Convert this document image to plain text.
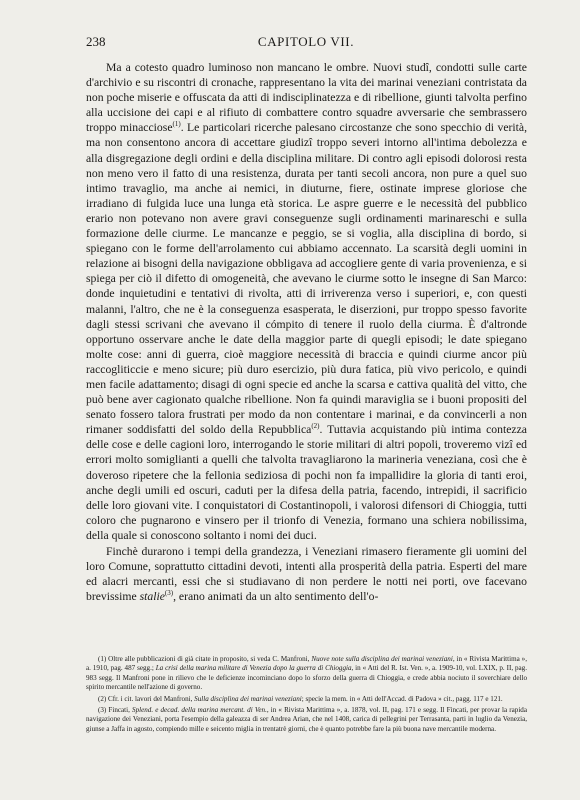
238	CAPITOLO VII.

Ma a cotesto quadro luminoso non mancano le ombre. Nuovi studî, condotti sulle carte d'archivio e su riscontri di cronache, rappresentano la vita dei marinai veneziani contristata da non poche miserie e offuscata da atti di indisciplinatezza e di ribellione, giunti talvolta perfino alla uccisione dei capi e al rifiuto di combattere contro squadre avversarie che sembrassero troppo minacciose$^{(1)}$. Le particolari ricerche palesano circostanze che sono specchio di verità, ma non consentono ancora di accettare giudizî troppo severi intorno all'intima debolezza e alla disgregazione degli ordini e della disciplina militare. Di contro agli episodi dolorosi resta non meno vero il fatto di una resistenza, durata per tanti secoli ancora, non pure a quel suo intimo travaglio, ma anche ai nemici, in diuturne, fiere, ostinate imprese gloriose che irradiano di fulgida luce una lunga età storica. Le aspre guerre e le necessità del pubblico erario non potevano non avere gravi conseguenze sugli ordinamenti marinareschi e sulla formazione delle ciurme. Le mancanze e peggio, se si voglia, alla disciplina di bordo, si spiegano con le forme dell'arrolamento cui abbiamo accennato. La scarsità degli uomini in relazione ai bisogni della navigazione obbligava ad accogliere gente di varia provenienza, e si spiega per ciò il difetto di omogeneità, che avevano le ciurme sotto le insegne di San Marco: donde inquietudini e tentativi di rivolta, atti di irriverenza verso i superiori, e, con questi malanni, l'altro, che ne è la conseguenza esasperata, le diserzioni, pur troppo spesso favorite dagli stessi scrivani che avevano il cómpito di tenere il ruolo della ciurma. È d'altronde opportuno osservare anche le date della maggior parte di quegli episodi; le date spiegano molte cose: anni di guerra, cioè maggiore necessità di braccia e quindi ciurme ancor più raccogliticcie e meno sicure; più duro esercizio, più dura fatica, più vivo pericolo, e quindi men facile adattamento; disagi di ogni specie ed anche la scarsa e cattiva qualità del vitto, che può bene aver cagionato qualche ribellione. Non fa quindi maraviglia se i buoni propositi del senato fossero talora frustrati per modo da non contentare i marinai, e da convincerli a non rimaner soddisfatti del soldo della Repubblica$^{(2)}$. Tuttavia acquistando più intima contezza delle cose e delle cagioni loro, interrogando le storie militari di altri popoli, troveremo vizî ed errori molto somiglianti a quelli che talvolta travagliarono la marineria veneziana, così che è doveroso ripetere che la fellonia sediziosa di pochi non fa impallidire la gloria di tanti eroi, anche degli umili ed oscuri, caduti per la difesa della patria, facendo, intrepidi, il sacrificio delle loro giovani vite. I conquistatori di Costantinopoli, i valorosi difensori di Chioggia, tutti coloro che pugnarono e vinsero per il trionfo di Venezia, formano una schiera nobilissima, della quale si conoscono soltanto i nomi dei duci.

Finchè durarono i tempi della grandezza, i Veneziani rimasero fieramente gli uomini del loro Comune, soprattutto cittadini devoti, intenti alla prosperità della patria. Esperti del mare ed alacri mercanti, essi che si studiavano di non perdere le notti nei porti, ove facevano brevissime stalie$^{(3)}$, erano animati da un alto sentimento dell'o-

(1) Oltre alle pubblicazioni di già citate in proposito, si veda C. Manfroni, Nuove note sulla disciplina dei marinai veneziani, in « Rivista Marittima », a. 1910, pag. 487 segg.; La crisi della marina militare di Venezia dopo la guerra di Chioggia, in « Atti del R. Ist. Ven. », a. 1909-10, vol. LXIX, p. II, pag. 983 segg. Il Manfroni pone in rilievo che le deficienze incominciano dopo lo sforzo della guerra di Chioggia, e crede abbia nociuto il soverchiare dello spirito mercantile nell'azione di governo.

(2) Cfr. i cit. lavori del Manfroni, Sulla disciplina dei marinai veneziani; specie la mem. in « Atti dell'Accad. di Padova » cit., pagg. 117 e 121.

(3) Fincati, Splend. e decad. della marina mercant. di Ven., in « Rivista Marittima », a. 1878, vol. II, pag. 171 e segg. Il Fincati, per provar la rapida navigazione dei Veneziani, porta l'esempio della galeazza di ser Andrea Arian, che nel 1408, carica di pellegrini per Terrasanta, parti in luglio da Venezia, giunse a Jaffa in agosto, compiendo mille e seicento miglia in trentatrè giorni, che è quanto potrebbe fare la più buona nave mercantile moderna.
